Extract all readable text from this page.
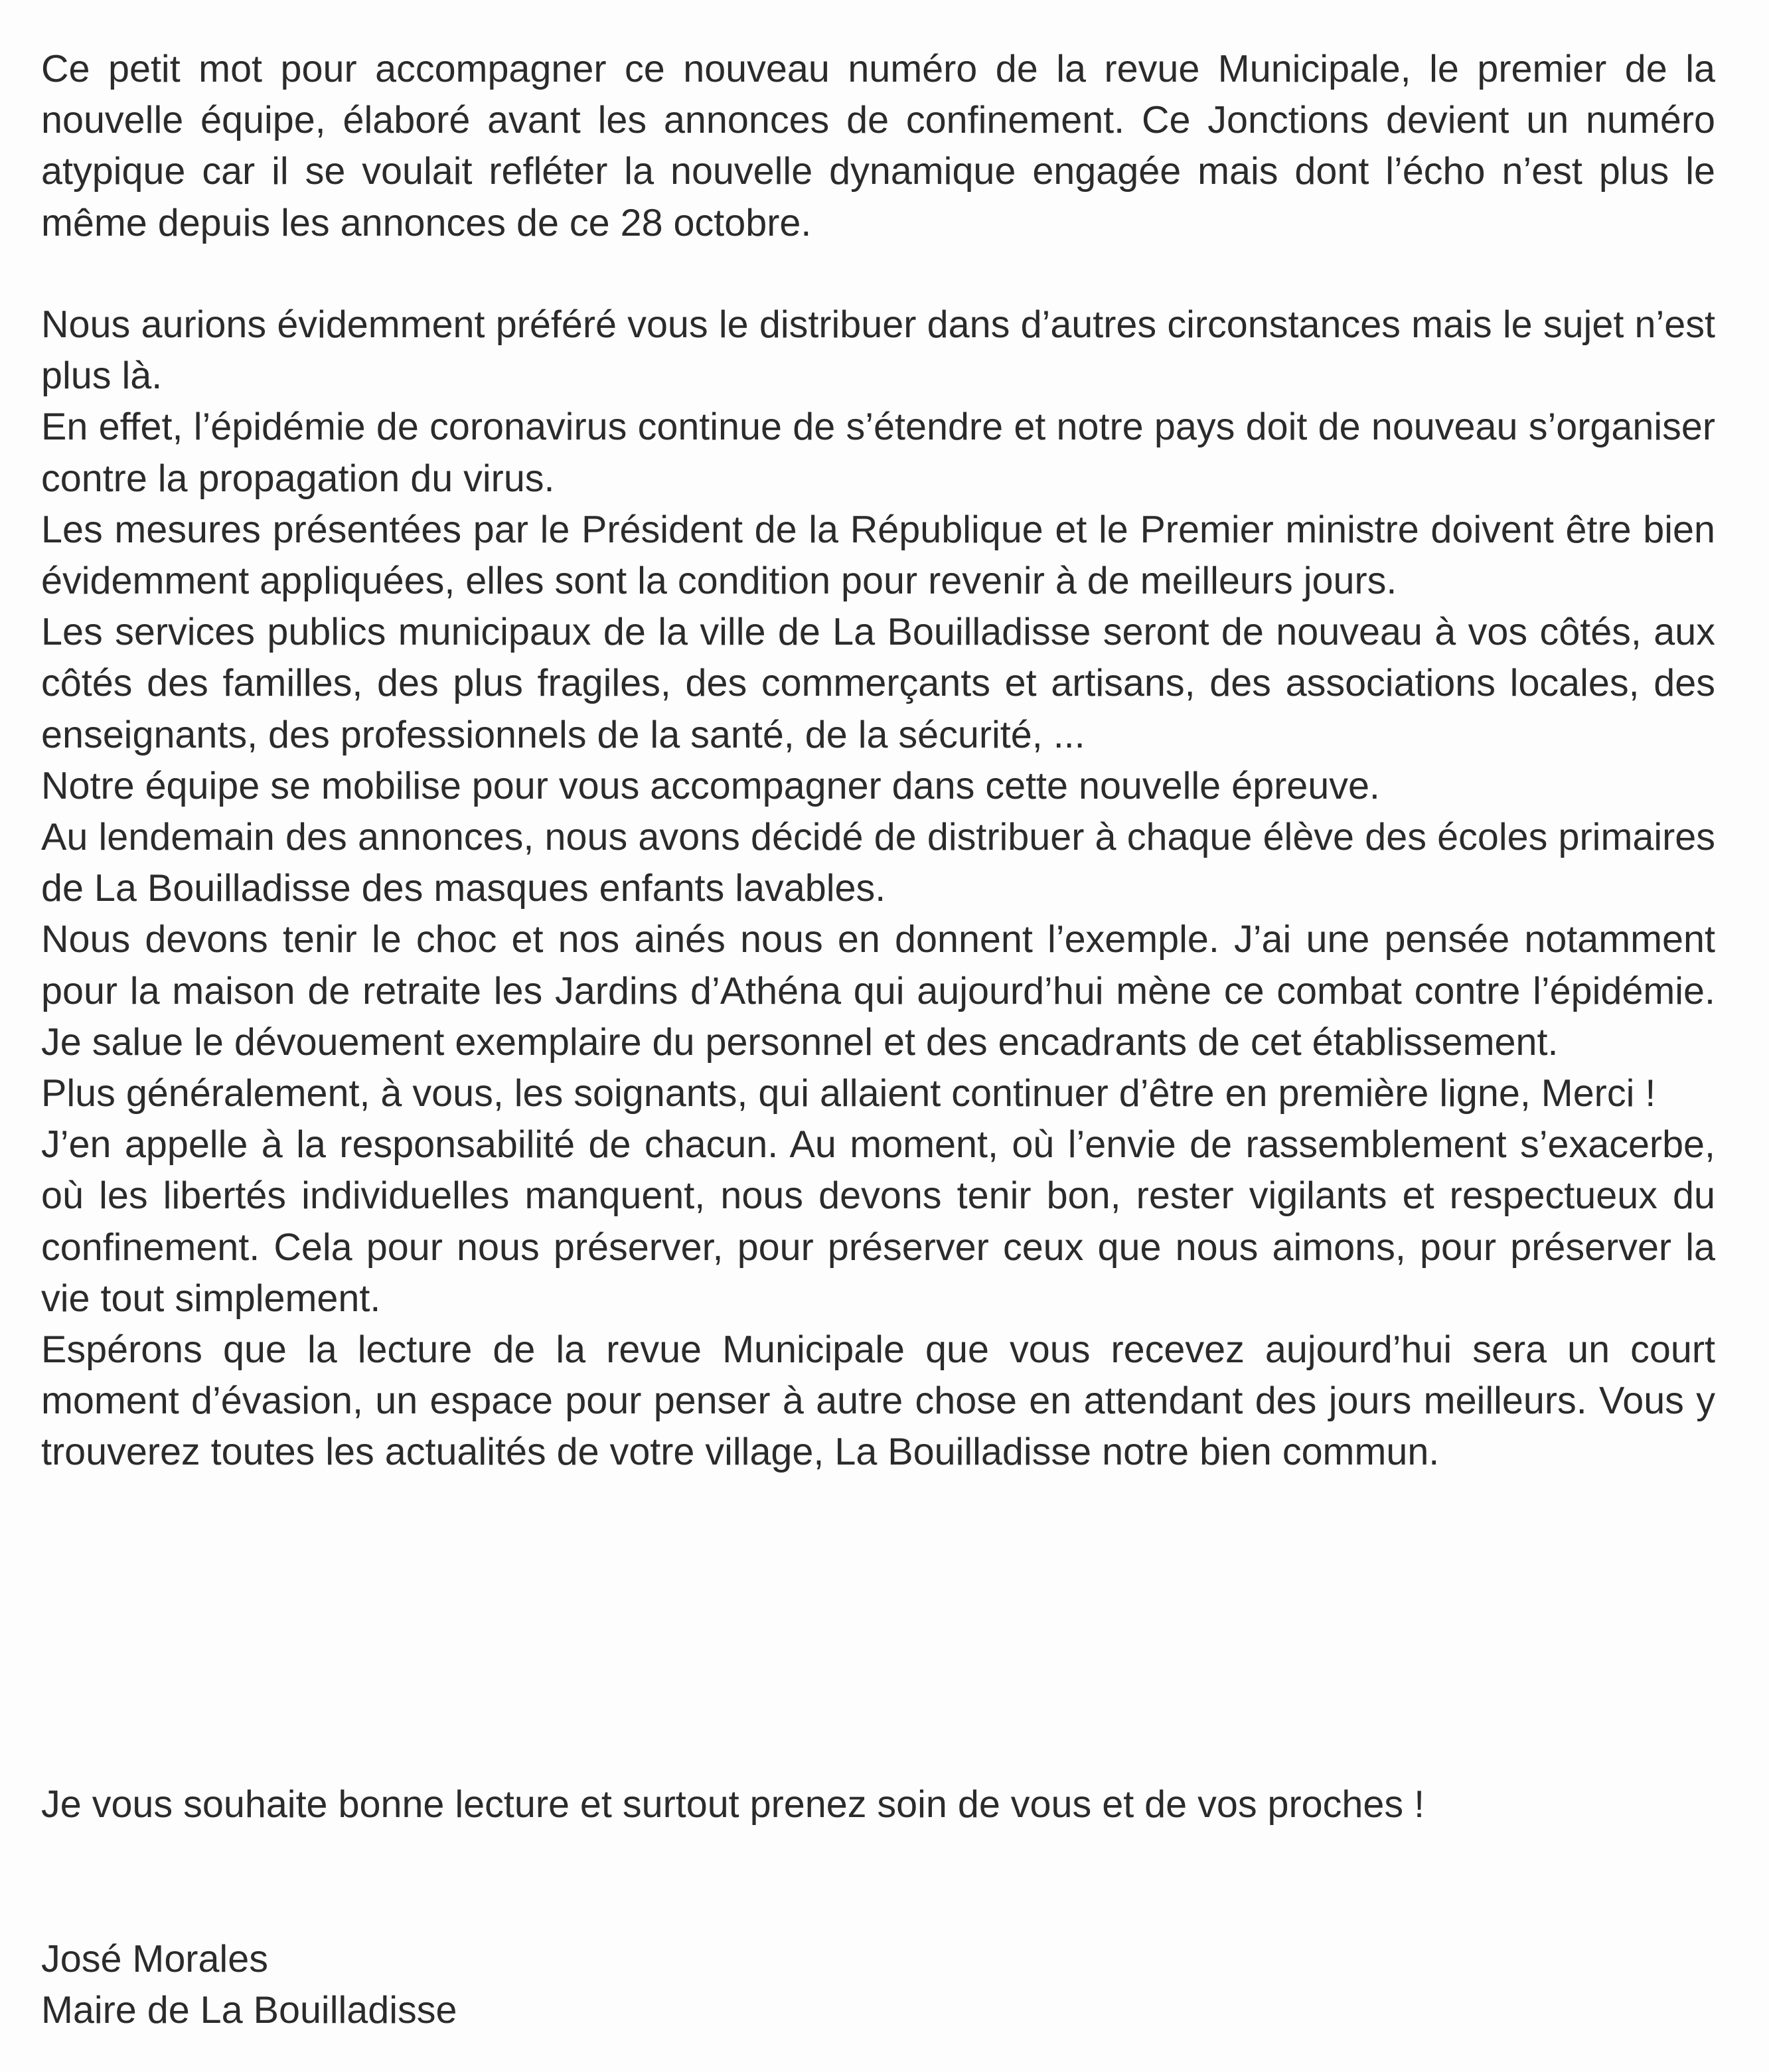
Ce petit mot pour accompagner ce nouveau numéro de la revue Municipale, le premier de la nouvelle équipe, élaboré avant les annonces de confinement. Ce Jonctions devient un numéro atypique car il se voulait refléter la nouvelle dynamique engagée mais dont l’écho n’est plus le même depuis les annonces de ce 28 octobre.

Nous aurions évidemment préféré vous le distribuer dans d’autres circonstances mais le sujet n’est plus là.

En effet, l’épidémie de coronavirus continue de s’étendre et notre pays doit de nouveau s’organiser contre la propagation du virus.

Les mesures présentées par le Président de la République et le Premier ministre doivent être bien évidemment appliquées, elles sont la condition pour revenir à de meilleurs jours.

Les services publics municipaux de la ville de La Bouilladisse seront de nouveau à vos côtés, aux côtés des familles, des plus fragiles, des commerçants et artisans, des associations locales, des enseignants, des professionnels de la santé, de la sécurité, ...

Notre équipe se mobilise pour vous accompagner dans cette nouvelle épreuve.

Au lendemain des annonces, nous avons décidé de distribuer à chaque élève des écoles primaires de La Bouilladisse des masques enfants lavables.

Nous devons tenir le choc et nos ainés nous en donnent l’exemple. J’ai une pensée notamment pour la maison de retraite les Jardins d’Athéna qui aujourd’hui mène ce combat contre l’épidémie. Je salue le dévouement exemplaire du personnel et des encadrants de cet établissement.

Plus généralement, à vous, les soignants, qui allaient continuer d’être en première ligne, Merci !

J’en appelle à la responsabilité de chacun. Au moment, où l’envie de rassemblement s’exacerbe, où les libertés individuelles manquent, nous devons tenir bon, rester vigilants et respectueux du confinement. Cela pour nous préserver, pour préserver ceux que nous aimons, pour préserver la vie tout simplement.

Espérons que la lecture de la revue Municipale que vous recevez aujourd’hui sera un court moment d’évasion, un espace pour penser à autre chose en attendant des jours meilleurs. Vous y trouverez toutes les actualités de votre village, La Bouilladisse notre bien commun.

Je vous souhaite bonne lecture et surtout prenez soin de vous et de vos proches !

José Morales

Maire de La Bouilladisse
